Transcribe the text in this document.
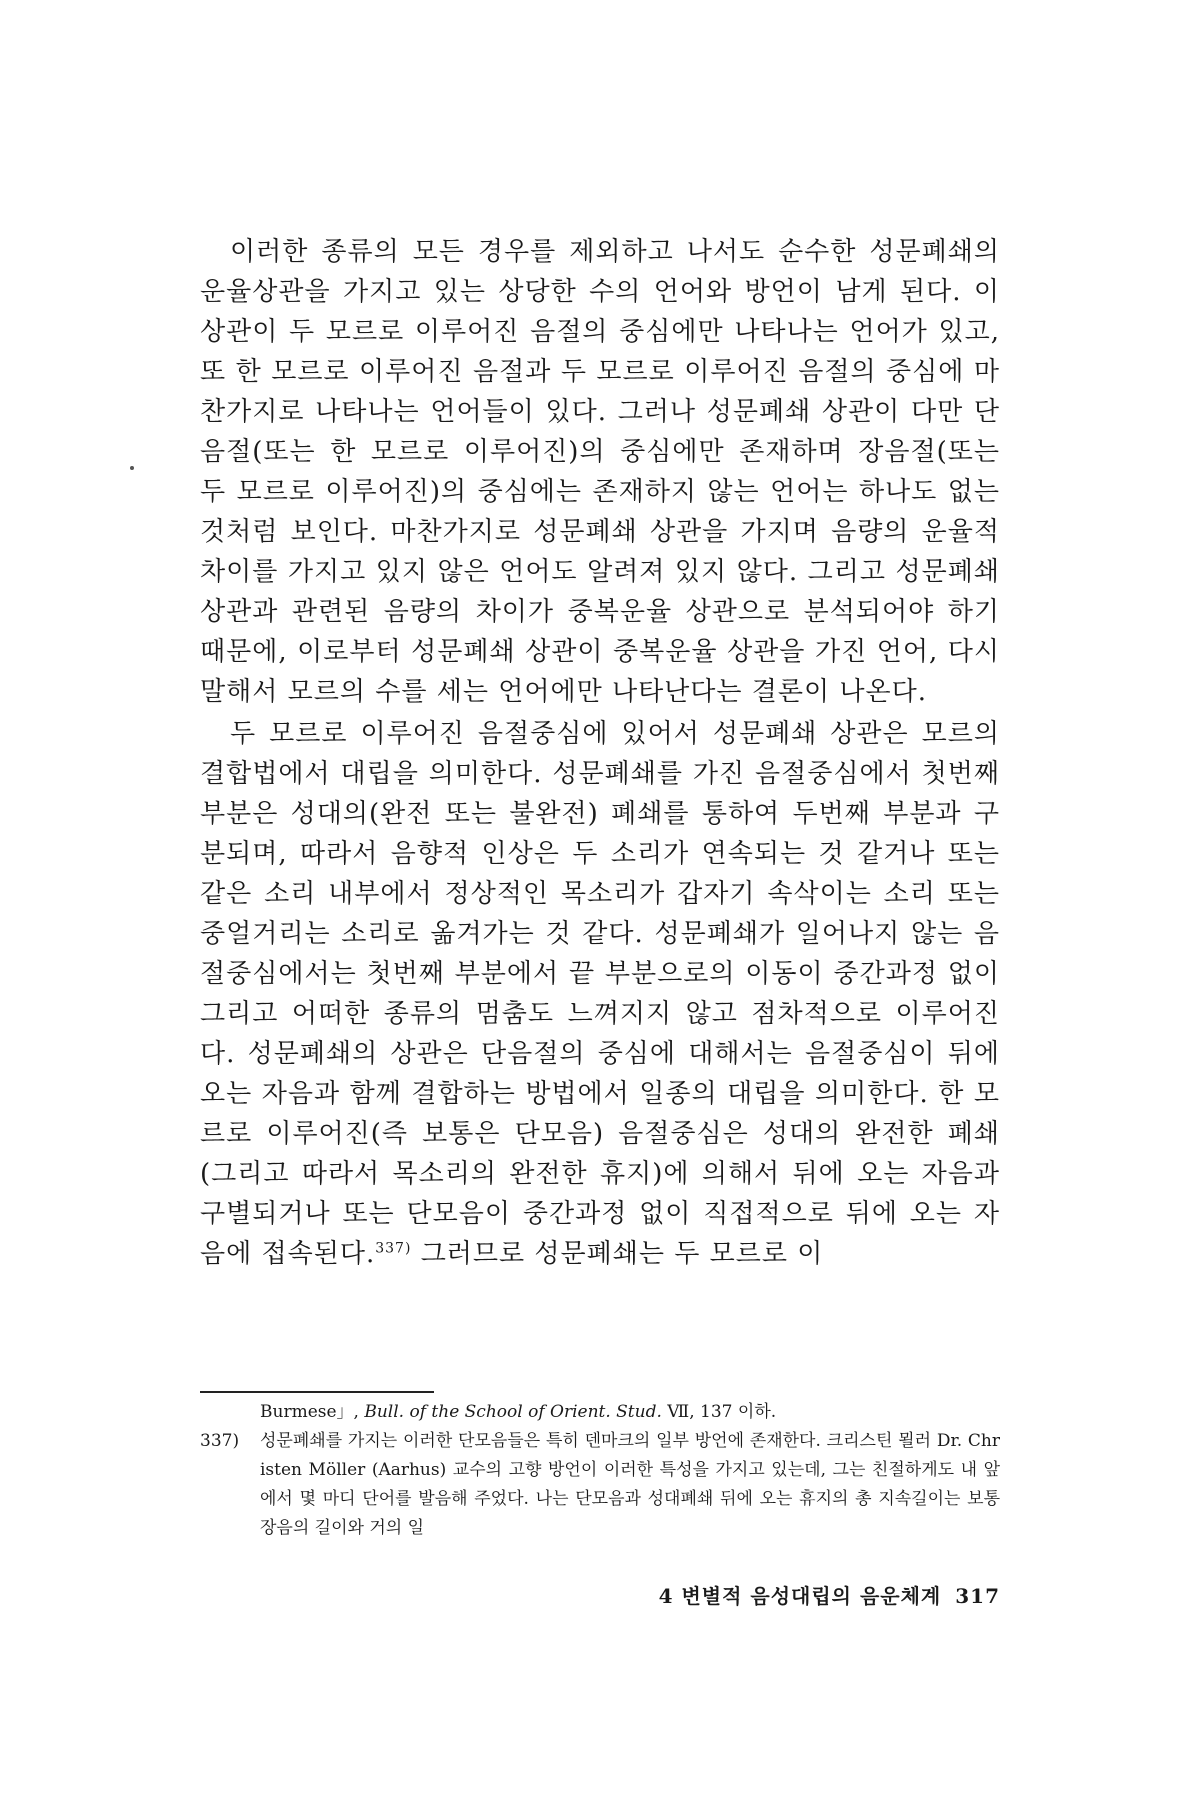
이러한 종류의 모든 경우를 제외하고 나서도 순수한 성문폐쇄의 운율상관을 가지고 있는 상당한 수의 언어와 방언이 남게 된다. 이 상관이 두 모르로 이루어진 음절의 중심에만 나타나는 언어가 있고, 또 한 모르로 이루어진 음절과 두 모르로 이루어진 음절의 중심에 마찬가지로 나타나는 언어들이 있다. 그러나 성문폐쇄 상관이 다만 단음절(또는 한 모르로 이루어진)의 중심에만 존재하며 장음절(또는 두 모르로 이루어진)의 중심에는 존재하지 않는 언어는 하나도 없는 것처럼 보인다. 마찬가지로 성문폐쇄 상관을 가지며 음량의 운율적 차이를 가지고 있지 않은 언어도 알려져 있지 않다. 그리고 성문폐쇄 상관과 관련된 음량의 차이가 중복운율 상관으로 분석되어야 하기 때문에, 이로부터 성문폐쇄 상관이 중복운율 상관을 가진 언어, 다시 말해서 모르의 수를 세는 언어에만 나타난다는 결론이 나온다.

두 모르로 이루어진 음절중심에 있어서 성문폐쇄 상관은 모르의 결합법에서 대립을 의미한다. 성문폐쇄를 가진 음절중심에서 첫번째 부분은 성대의(완전 또는 불완전) 폐쇄를 통하여 두번째 부분과 구분되며, 따라서 음향적 인상은 두 소리가 연속되는 것 같거나 또는 같은 소리 내부에서 정상적인 목소리가 갑자기 속삭이는 소리 또는 중얼거리는 소리로 옮겨가는 것 같다. 성문폐쇄가 일어나지 않는 음절중심에서는 첫번째 부분에서 끝 부분으로의 이동이 중간과정 없이 그리고 어떠한 종류의 멈춤도 느껴지지 않고 점차적으로 이루어진다. 성문폐쇄의 상관은 단음절의 중심에 대해서는 음절중심이 뒤에 오는 자음과 함께 결합하는 방법에서 일종의 대립을 의미한다. 한 모르로 이루어진(즉 보통은 단모음) 음절중심은 성대의 완전한 폐쇄(그리고 따라서 목소리의 완전한 휴지)에 의해서 뒤에 오는 자음과 구별되거나 또는 단모음이 중간과정 없이 직접적으로 뒤에 오는 자음에 접속된다.$^{337)}$ 그러므로 성문폐쇄는 두 모르로 이

Burmese」, Bull. of the School of Orient. Stud. Ⅶ, 137 이하.

337)	성문폐쇄를 가지는 이러한 단모음들은 특히 덴마크의 일부 방언에 존재한다. 크리스틴 묄러 Dr. Christen Möller (Aarhus) 교수의 고향 방언이 이러한 특성을 가지고 있는데, 그는 친절하게도 내 앞에서 몇 마디 단어를 발음해 주었다. 나는 단모음과 성대폐쇄 뒤에 오는 휴지의 총 지속길이는 보통 장음의 길이와 거의 일
4 변별적 음성대립의 음운체계 317
